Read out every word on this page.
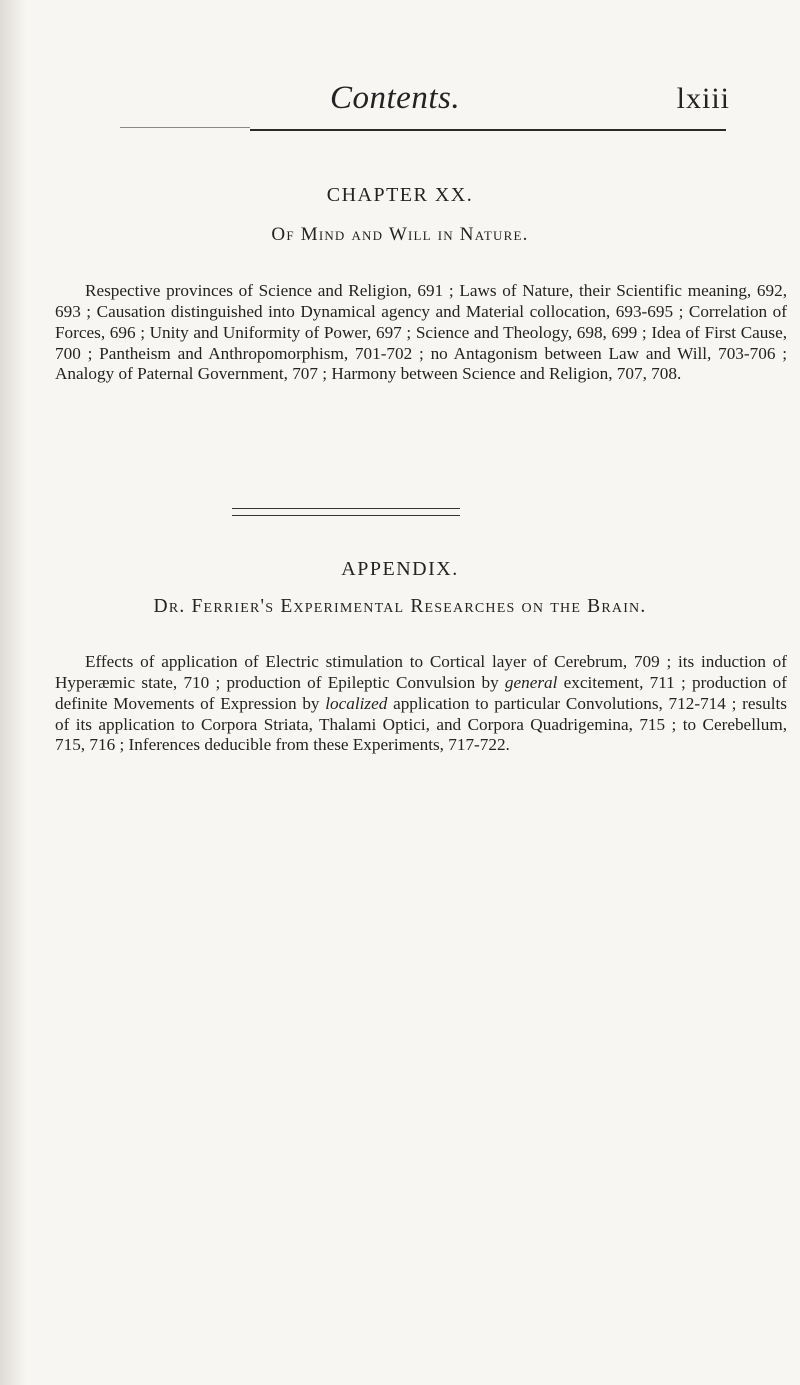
Contents.	lxiii
CHAPTER XX.
Of Mind and Will in Nature.

Respective provinces of Science and Religion, 691 ; Laws of Nature, their Scientific meaning, 692, 693 ; Causation distinguished into Dynamical agency and Material collocation, 693-695 ; Correlation of Forces, 696 ; Unity and Uniformity of Power, 697 ; Science and Theology, 698, 699 ; Idea of First Cause, 700 ; Pantheism and Anthropomorphism, 701-702 ; no Antagonism between Law and Will, 703-706 ; Analogy of Paternal Government, 707 ; Harmony between Science and Religion, 707, 708.

APPENDIX.
Dr. Ferrier's Experimental Researches on the Brain.

Effects of application of Electric stimulation to Cortical layer of Cerebrum, 709 ; its induction of Hyperæmic state, 710 ; production of Epileptic Convulsion by general excitement, 711 ; production of definite Movements of Expression by localized application to particular Convolutions, 712-714 ; results of its application to Corpora Striata, Thalami Optici, and Corpora Quadrigemina, 715 ; to Cerebellum, 715, 716 ; Inferences deducible from these Experiments, 717-722.
